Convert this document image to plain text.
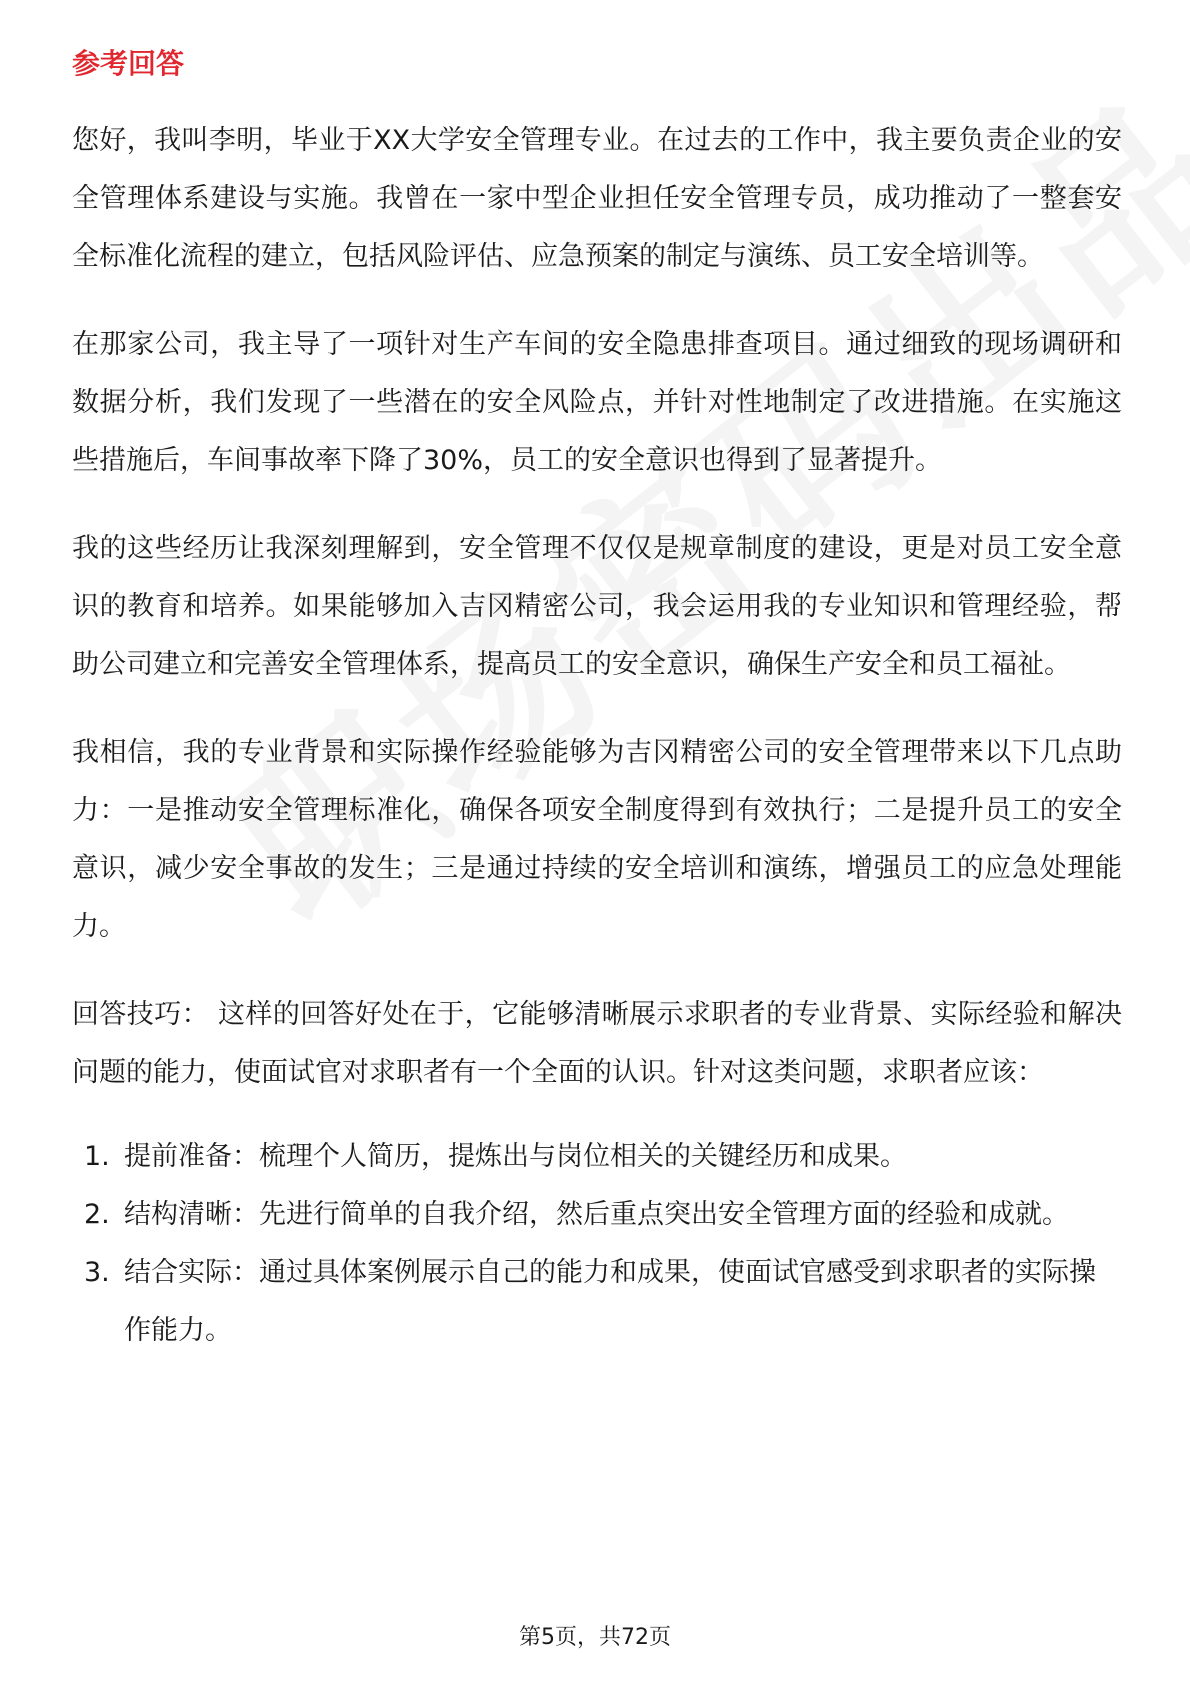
参考回答

您好，我叫李明，毕业于XX大学安全管理专业。在过去的工作中，我主要负责企业的安全管理体系建设与实施。我曾在一家中型企业担任安全管理专员，成功推动了一整套安全标准化流程的建立，包括风险评估、应急预案的制定与演练、员工安全培训等。

在那家公司，我主导了一项针对生产车间的安全隐患排查项目。通过细致的现场调研和数据分析，我们发现了一些潜在的安全风险点，并针对性地制定了改进措施。在实施这些措施后，车间事故率下降了30%，员工的安全意识也得到了显著提升。

我的这些经历让我深刻理解到，安全管理不仅仅是规章制度的建设，更是对员工安全意识的教育和培养。如果能够加入吉冈精密公司，我会运用我的专业知识和管理经验，帮助公司建立和完善安全管理体系，提高员工的安全意识，确保生产安全和员工福祉。

我相信，我的专业背景和实际操作经验能够为吉冈精密公司的安全管理带来以下几点助力：一是推动安全管理标准化，确保各项安全制度得到有效执行；二是提升员工的安全意识，减少安全事故的发生；三是通过持续的安全培训和演练，增强员工的应急处理能力。

回答技巧： 这样的回答好处在于，它能够清晰展示求职者的专业背景、实际经验和解决问题的能力，使面试官对求职者有一个全面的认识。针对这类问题，求职者应该：

1. 提前准备：梳理个人简历，提炼出与岗位相关的关键经历和成果。
2. 结构清晰：先进行简单的自我介绍，然后重点突出安全管理方面的经验和成就。
3. 结合实际：通过具体案例展示自己的能力和成果，使面试官感受到求职者的实际操作能力。
第5页，共72页
